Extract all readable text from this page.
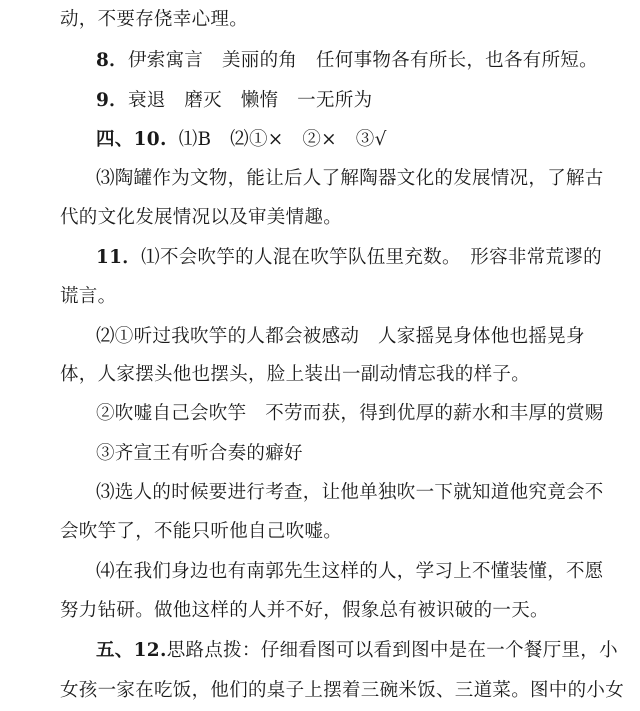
动，不要存侥幸心理。
8．伊索寓言　美丽的角　任何事物各有所长，也各有所短。
9．衰退　磨灭　懒惰　一无所为
四、10. ⑴B　⑵①×　②×　③√
⑶陶罐作为文物，能让后人了解陶器文化的发展情况，了解古
代的文化发展情况以及审美情趣。
11．⑴不会吹竽的人混在吹竽队伍里充数。　形容非常荒谬的
谎言。
⑵①听过我吹竽的人都会被感动　人家摇晃身体他也摇晃身
体，人家摆头他也摆头，脸上装出一副动情忘我的样子。
②吹嘘自己会吹竽　不劳而获，得到优厚的薪水和丰厚的赏赐
③齐宣王有听合奏的癖好
⑶选人的时候要进行考查，让他单独吹一下就知道他究竟会不
会吹竽了，不能只听他自己吹嘘。
⑷在我们身边也有南郭先生这样的人，学习上不懂装懂，不愿
努力钻研。做他这样的人并不好，假象总有被识破的一天。
五、12.思路点拨：仔细看图可以看到图中是在一个餐厅里，小
女孩一家在吃饭，他们的桌子上摆着三碗米饭、三道菜。图中的小女
